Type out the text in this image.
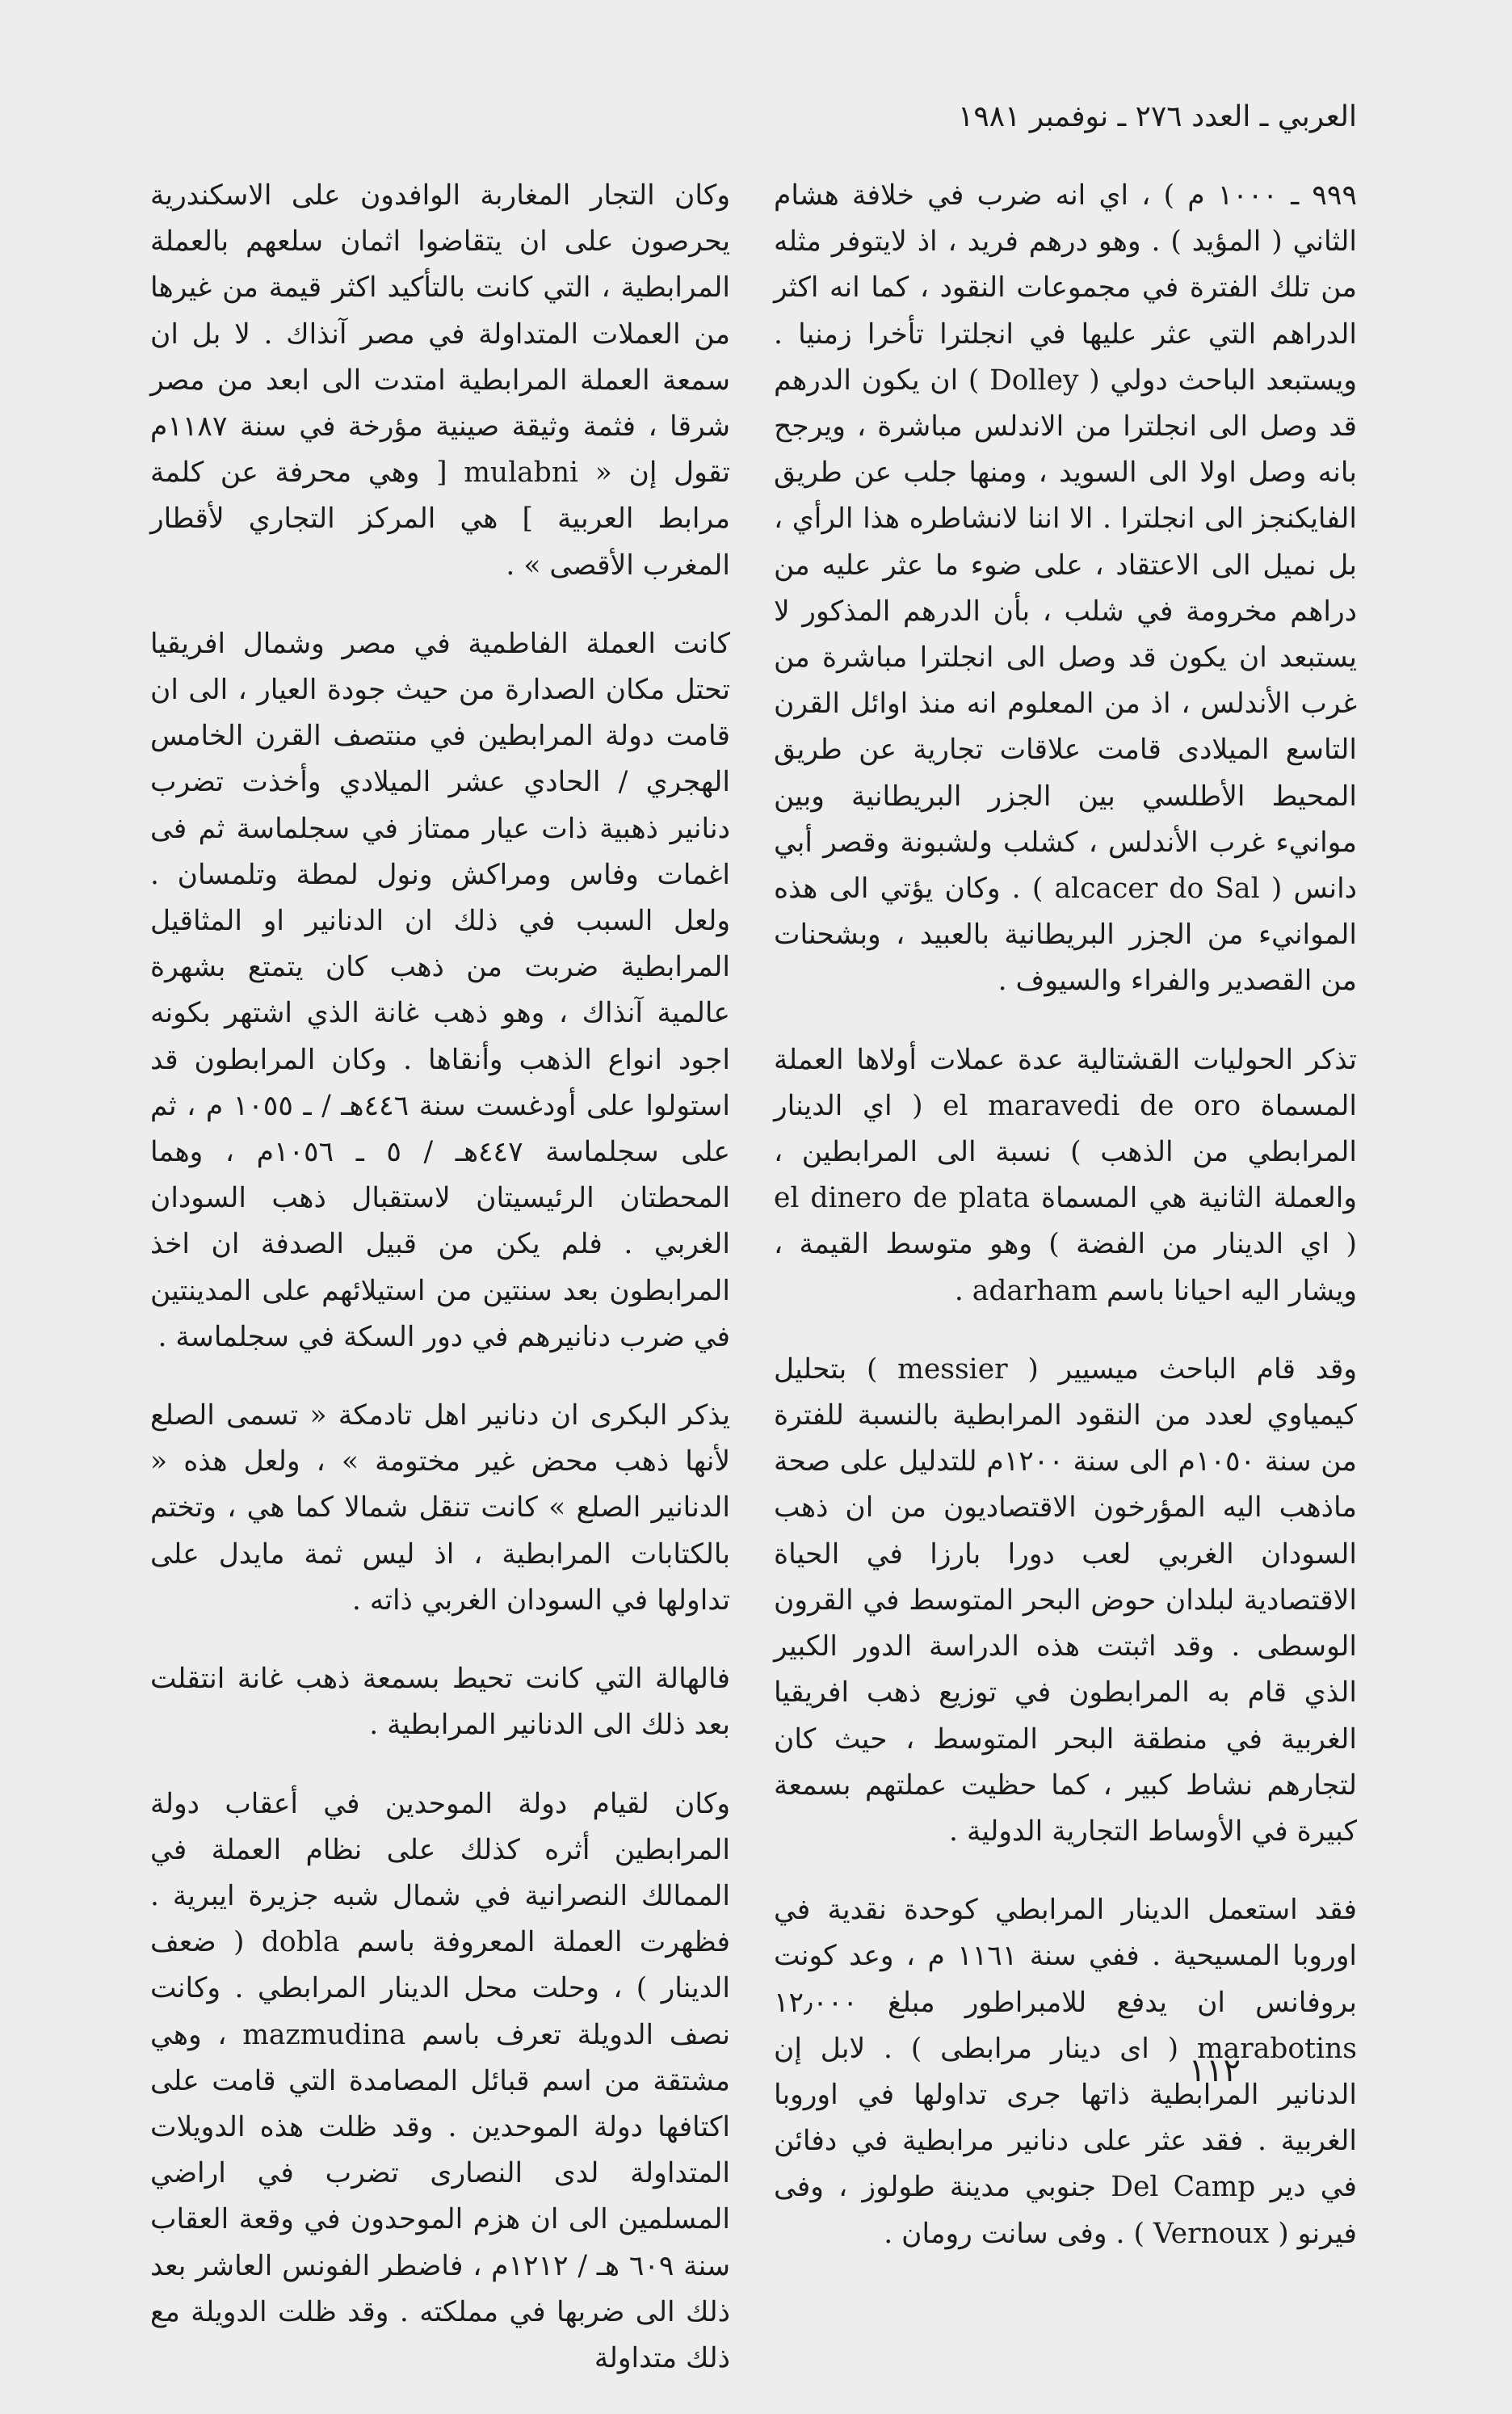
العربي ـ العدد ٢٧٦ ـ نوفمبر ١٩٨١

٩٩٩ ـ ١٠٠٠ م ) ، اي انه ضرب في خلافة هشام الثاني ( المؤيد ) . وهو درهم فريد ، اذ لايتوفر مثله من تلك الفترة في مجموعات النقود ، كما انه اكثر الدراهم التي عثر عليها في انجلترا تأخرا زمنيا . ويستبعد الباحث دولي ( Dolley ) ان يكون الدرهم قد وصل الى انجلترا من الاندلس مباشرة ، ويرجح بانه وصل اولا الى السويد ، ومنها جلب عن طريق الفايكنجز الى انجلترا . الا اننا لانشاطره هذا الرأي ، بل نميل الى الاعتقاد ، على ضوء ما عثر عليه من دراهم مخرومة في شلب ، بأن الدرهم المذكور لا يستبعد ان يكون قد وصل الى انجلترا مباشرة من غرب الأندلس ، اذ من المعلوم انه منذ اوائل القرن التاسع الميلادى قامت علاقات تجارية عن طريق المحيط الأطلسي بين الجزر البريطانية وبين موانيء غرب الأندلس ، كشلب ولشبونة وقصر أبي دانس ( alcacer do Sal ) . وكان يؤتي الى هذه الموانيء من الجزر البريطانية بالعبيد ، وبشحنات من القصدير والفراء والسيوف .

تذكر الحوليات القشتالية عدة عملات أولاها العملة المسماة el maravedi de oro ( اي الدينار المرابطي من الذهب ) نسبة الى المرابطين ، والعملة الثانية هي المسماة el dinero de plata ( اي الدينار من الفضة ) وهو متوسط القيمة ، ويشار اليه احيانا باسم adarham .

وقد قام الباحث ميسيير ( messier ) بتحليل كيمياوي لعدد من النقود المرابطية بالنسبة للفترة من سنة ١٠٥٠م الى سنة ١٢٠٠م للتدليل على صحة ماذهب اليه المؤرخون الاقتصاديون من ان ذهب السودان الغربي لعب دورا بارزا في الحياة الاقتصادية لبلدان حوض البحر المتوسط في القرون الوسطى . وقد اثبتت هذه الدراسة الدور الكبير الذي قام به المرابطون في توزيع ذهب افريقيا الغربية في منطقة البحر المتوسط ، حيث كان لتجارهم نشاط كبير ، كما حظيت عملتهم بسمعة كبيرة في الأوساط التجارية الدولية .

فقد استعمل الدينار المرابطي كوحدة نقدية في اوروبا المسيحية . ففي سنة ١١٦١ م ، وعد كونت بروفانس ان يدفع للامبراطور مبلغ ١٢٫٠٠٠ marabotins ( اى دينار مرابطى ) . لابل إن الدنانير المرابطية ذاتها جرى تداولها في اوروبا الغربية . فقد عثر على دنانير مرابطية في دفائن في دير Del Camp جنوبي مدينة طولوز ، وفى فيرنو ( Vernoux ) . وفى سانت رومان .

وكان التجار المغاربة الوافدون على الاسكندرية يحرصون على ان يتقاضوا اثمان سلعهم بالعملة المرابطية ، التي كانت بالتأكيد اكثر قيمة من غيرها من العملات المتداولة في مصر آنذاك . لا بل ان سمعة العملة المرابطية امتدت الى ابعد من مصر شرقا ، فثمة وثيقة صينية مؤرخة في سنة ١١٨٧م تقول إن « mulabni [ وهي محرفة عن كلمة مرابط العربية ] هي المركز التجاري لأقطار المغرب الأقصى » .

كانت العملة الفاطمية في مصر وشمال افريقيا تحتل مكان الصدارة من حيث جودة العيار ، الى ان قامت دولة المرابطين في منتصف القرن الخامس الهجري / الحادي عشر الميلادي وأخذت تضرب دنانير ذهبية ذات عيار ممتاز في سجلماسة ثم فى اغمات وفاس ومراكش ونول لمطة وتلمسان . ولعل السبب في ذلك ان الدنانير او المثاقيل المرابطية ضربت من ذهب كان يتمتع بشهرة عالمية آنذاك ، وهو ذهب غانة الذي اشتهر بكونه اجود انواع الذهب وأنقاها . وكان المرابطون قد استولوا على أودغست سنة ٤٤٦هـ / ـ ١٠٥٥ م ، ثم على سجلماسة ٤٤٧هـ / ٥ ـ ١٠٥٦م ، وهما المحطتان الرئيسيتان لاستقبال ذهب السودان الغربي . فلم يكن من قبيل الصدفة ان اخذ المرابطون بعد سنتين من استيلائهم على المدينتين في ضرب دنانيرهم في دور السكة في سجلماسة .

يذكر البكرى ان دنانير اهل تادمكة « تسمى الصلع لأنها ذهب محض غير مختومة » ، ولعل هذه « الدنانير الصلع » كانت تنقل شمالا كما هي ، وتختم بالكتابات المرابطية ، اذ ليس ثمة مايدل على تداولها في السودان الغربي ذاته .

فالهالة التي كانت تحيط بسمعة ذهب غانة انتقلت بعد ذلك الى الدنانير المرابطية .

وكان لقيام دولة الموحدين في أعقاب دولة المرابطين أثره كذلك على نظام العملة في الممالك النصرانية في شمال شبه جزيرة ايبرية . فظهرت العملة المعروفة باسم dobla ( ضعف الدينار ) ، وحلت محل الدينار المرابطي . وكانت نصف الدويلة تعرف باسم mazmudina ، وهي مشتقة من اسم قبائل المصامدة التي قامت على اكتافها دولة الموحدين . وقد ظلت هذه الدويلات المتداولة لدى النصارى تضرب في اراضي المسلمين الى ان هزم الموحدون في وقعة العقاب سنة ٦٠٩ هـ / ١٢١٢م ، فاضطر الفونس العاشر بعد ذلك الى ضربها في مملكته . وقد ظلت الدويلة مع ذلك متداولة

١١٢
